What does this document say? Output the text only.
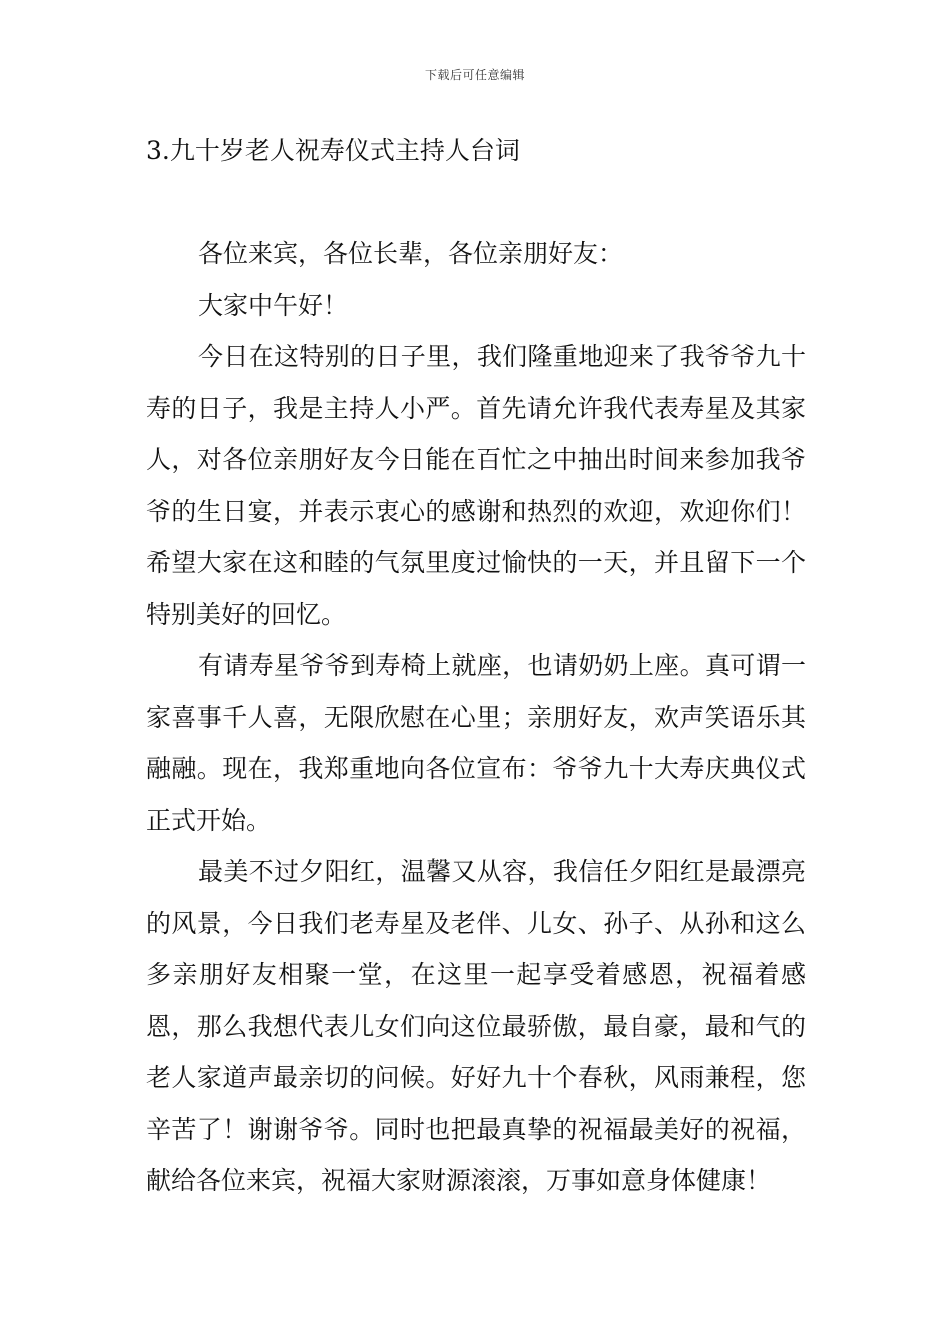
下载后可任意编辑
3.九十岁老人祝寿仪式主持人台词

各位来宾，各位长辈，各位亲朋好友：

大家中午好！

今日在这特别的日子里，我们隆重地迎来了我爷爷九十寿的日子，我是主持人小严。首先请允许我代表寿星及其家人，对各位亲朋好友今日能在百忙之中抽出时间来参加我爷爷的生日宴，并表示衷心的感谢和热烈的欢迎，欢迎你们！希望大家在这和睦的气氛里度过愉快的一天，并且留下一个特别美好的回忆。

有请寿星爷爷到寿椅上就座，也请奶奶上座。真可谓一家喜事千人喜，无限欣慰在心里；亲朋好友，欢声笑语乐其融融。现在，我郑重地向各位宣布：爷爷九十大寿庆典仪式正式开始。

最美不过夕阳红，温馨又从容，我信任夕阳红是最漂亮的风景，今日我们老寿星及老伴、儿女、孙子、从孙和这么多亲朋好友相聚一堂，在这里一起享受着感恩，祝福着感恩，那么我想代表儿女们向这位最骄傲，最自豪，最和气的老人家道声最亲切的问候。好好九十个春秋，风雨兼程，您辛苦了！谢谢爷爷。同时也把最真挚的祝福最美好的祝福，献给各位来宾，祝福大家财源滚滚，万事如意身体健康！
